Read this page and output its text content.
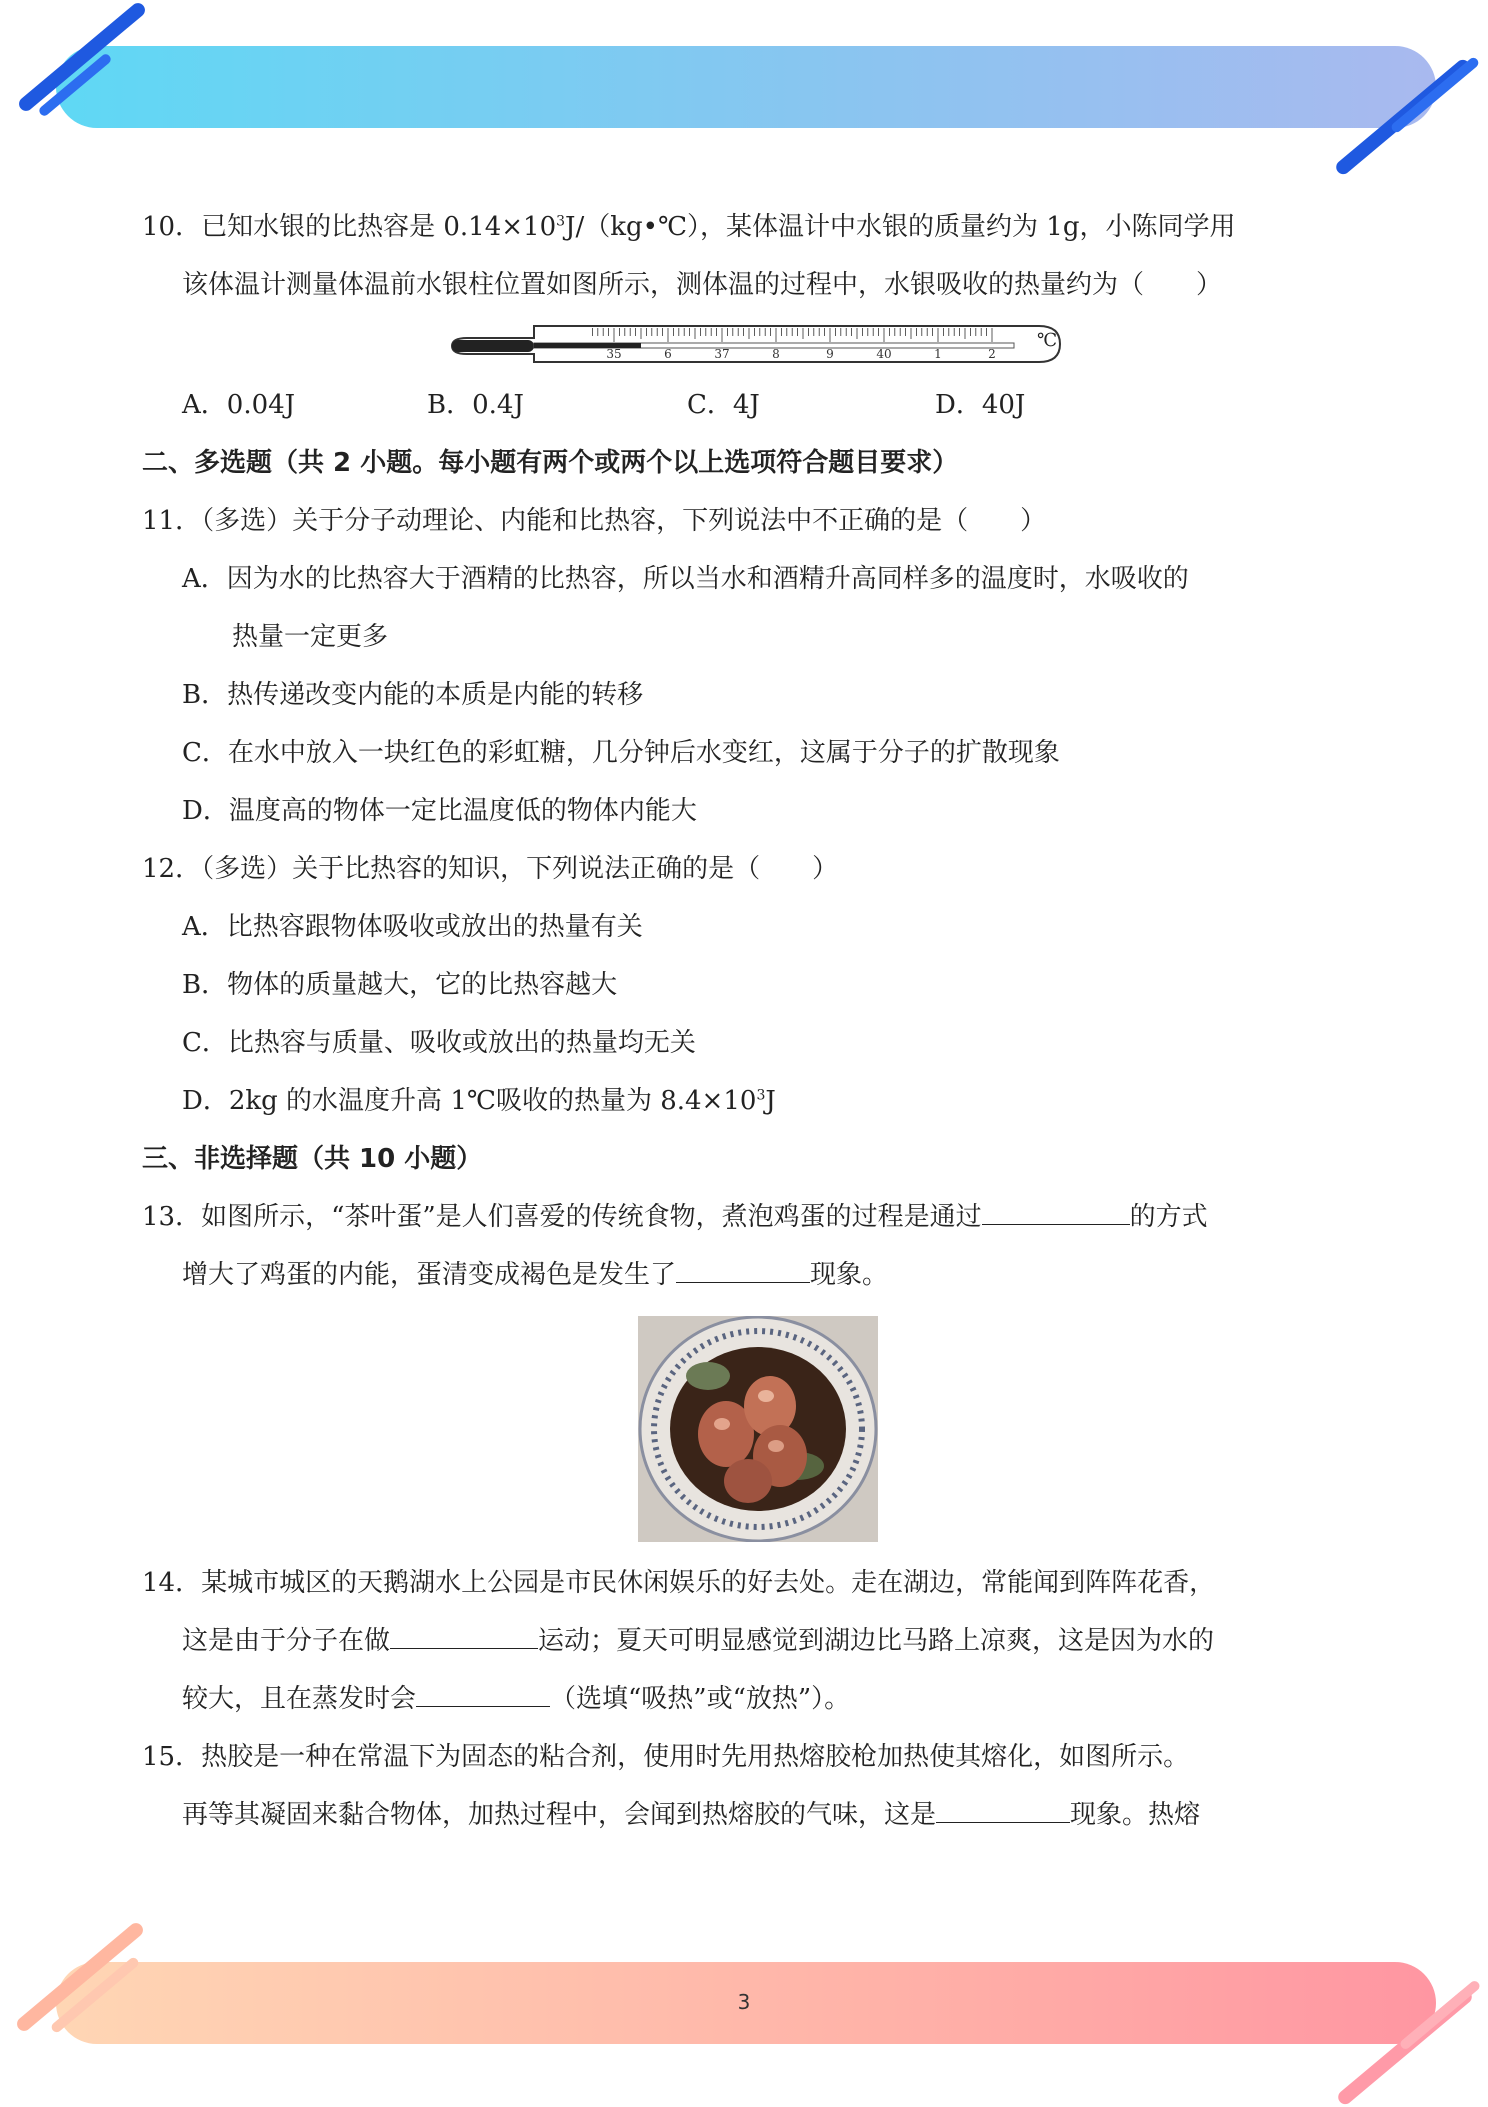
3
10．已知水银的比热容是 $0.14\times 10^3J/(kg•℃)$，某体温计中水银的质量约为 1g，小陈同学用
该体温计测量体温前水银柱位置如图所示，测体温的过程中，水银吸收的热量约为（　　）
35	6	37	8	9	40	1	2
℃
A．0.04J	B．0.4J	C．4J	D．40J
二、多选题（共 2 小题。每小题有两个或两个以上选项符合题目要求）
11．（多选）关于分子动理论、内能和比热容，下列说法中不正确的是（　　）
A．因为水的比热容大于酒精的比热容，所以当水和酒精升高同样多的温度时，水吸收的
热量一定更多
B．热传递改变内能的本质是内能的转移
C．在水中放入一块红色的彩虹糖，几分钟后水变红，这属于分子的扩散现象
D．温度高的物体一定比温度低的物体内能大
12．（多选）关于比热容的知识，下列说法正确的是（　　）
A．比热容跟物体吸收或放出的热量有关
B．物体的质量越大，它的比热容越大
C．比热容与质量、吸收或放出的热量均无关
D．2kg 的水温度升高 1℃吸收的热量为 $8.4\times 10^3J$
三、非选择题（共 10 小题）
13．如图所示，“茶叶蛋”是人们喜爱的传统食物，煮泡鸡蛋的过程是通过	的方式
增大了鸡蛋的内能，蛋清变成褐色是发生了	现象。
14．某城市城区的天鹅湖水上公园是市民休闲娱乐的好去处。走在湖边，常能闻到阵阵花香，
这是由于分子在做	运动；夏天可明显感觉到湖边比马路上凉爽，这是因为水的
较大，且在蒸发时会	（选填“吸热”或“放热”）。
15．热胶是一种在常温下为固态的粘合剂，使用时先用热熔胶枪加热使其熔化，如图所示。
再等其凝固来黏合物体，加热过程中，会闻到热熔胶的气味，这是	现象。热熔
